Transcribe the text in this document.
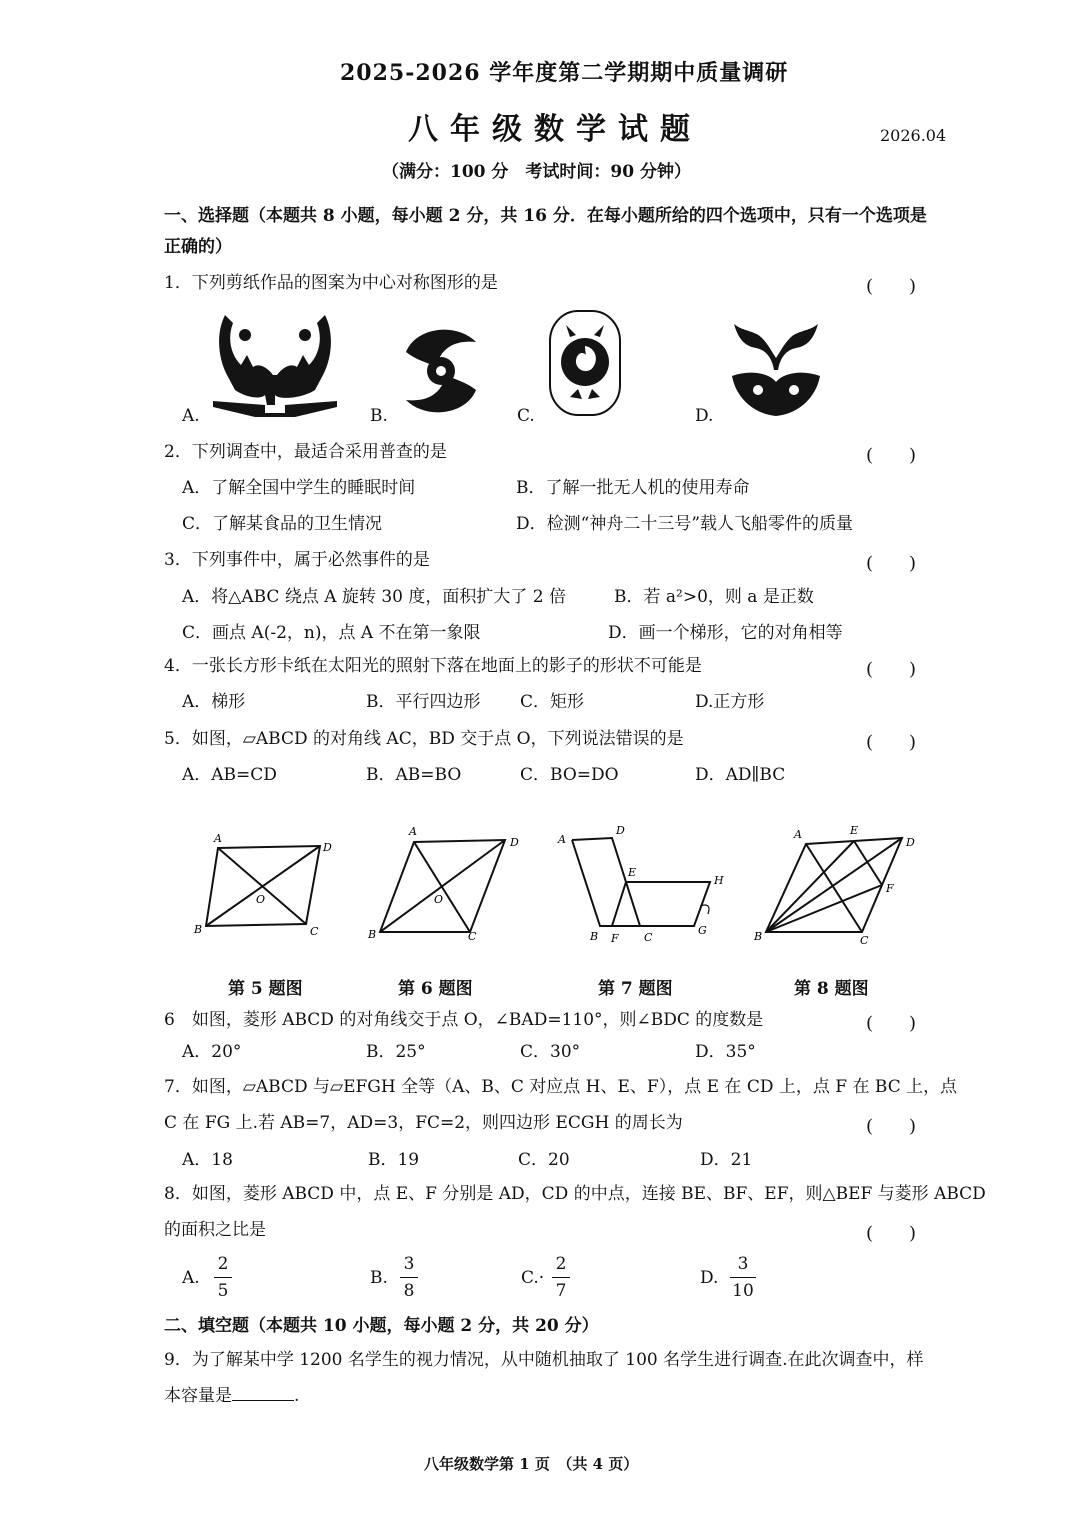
2025-2026 学年度第二学期期中质量调研
八年级数学试题	2026.04
（满分：100 分　考试时间：90 分钟）
一、选择题（本题共 8 小题，每小题 2 分，共 16 分．在每小题所给的四个选项中，只有一个选项是
正确的）
1．下列剪纸作品的图案为中心对称图形的是	(　　)
A.	B.	C.	D.
2．下列调查中，最适合采用普查的是	(　　)
A．了解全国中学生的睡眠时间	B．了解一批无人机的使用寿命
C．了解某食品的卫生情况	D．检测“神舟二十三号”载人飞船零件的质量
3．下列事件中，属于必然事件的是	(　　)
A．将△ABC 绕点 A 旋转 30 度，面积扩大了 2 倍	B．若 a²>0，则 a 是正数
C．画点 A(-2，n)，点 A 不在第一象限	D．画一个梯形，它的对角相等
4．一张长方形卡纸在太阳光的照射下落在地面上的影子的形状不可能是	(　　)
A．梯形	B．平行四边形 C．矩形	D.正方形
5．如图，▱ABCD 的对角线 AC，BD 交于点 O，下列说法错误的是	(　　)
A．AB=CD	B．AB=BO	C．BO=DO	D．AD∥BC
A
D
B	C
O
A
D
B	C
O
A
D
E
H
B F C
G
A	E
D
F
B	C
第 5 题图	第 6 题图	第 7 题图	第 8 题图
6　如图，菱形 ABCD 的对角线交于点 O，∠BAD=110°，则∠BDC 的度数是	(　　)
A．20°	B．25°	C．30°	D．35°
7．如图，▱ABCD 与▱EFGH 全等（A、B、C 对应点 H、E、F），点 E 在 CD 上，点 F 在 BC 上，点
C 在 FG 上.若 AB=7，AD=3，FC=2，则四边形 ECGH 的周长为	(　　)
A．18	B．19	C．20	D．21
8．如图，菱形 ABCD 中，点 E、F 分别是 AD，CD 的中点，连接 BE、BF、EF，则△BEF 与菱形 ABCD
的面积之比是	(　　)
A.
2
5
B.
3
8
C.·
2
7
D.
3
10
二、填空题（本题共 10 小题，每小题 2 分，共 20 分）
9．为了解某中学 1200 名学生的视力情况，从中随机抽取了 100 名学生进行调查.在此次调查中，样
本容量是	.
八年级数学第 1 页　（共 4 页）
